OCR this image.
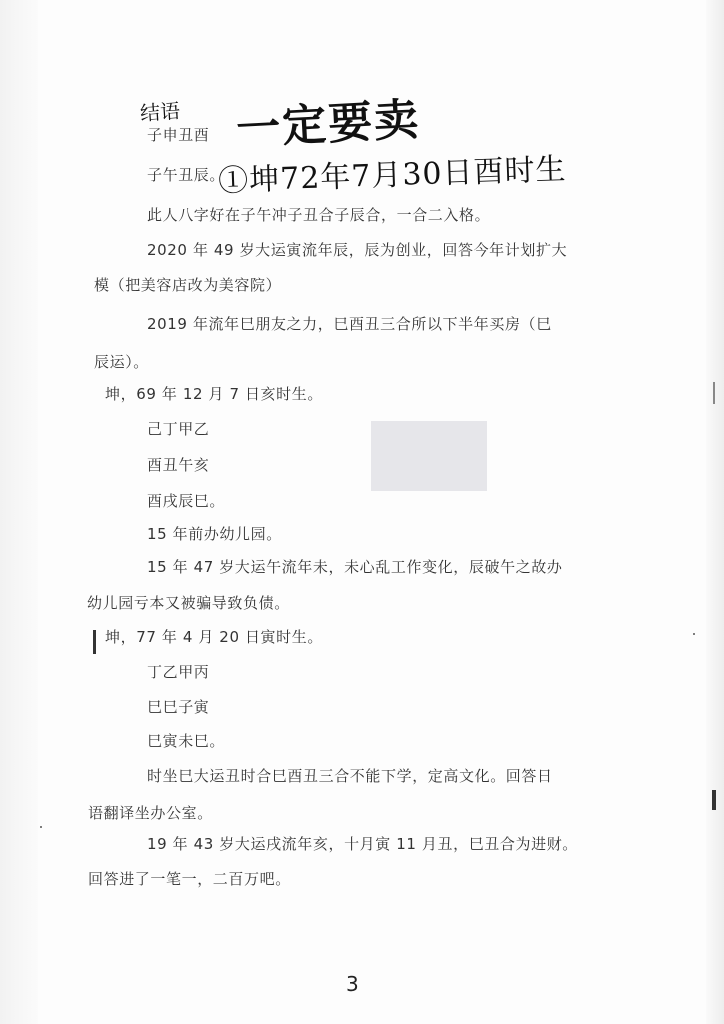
结语 一定要卖
①坤72年7月30日酉时生
子申丑酉
子午丑辰。
此人八字好在子午冲子丑合子辰合，一合二入格。
2020 年 49 岁大运寅流年辰，辰为创业，回答今年计划扩大
模（把美容店改为美容院）
2019 年流年巳朋友之力，巳酉丑三合所以下半年买房（巳
辰运）。
坤，69 年 12 月 7 日亥时生。
己丁甲乙
酉丑午亥
酉戌辰巳。
15 年前办幼儿园。
15 年 47 岁大运午流年未，未心乱工作变化，辰破午之故办
幼儿园亏本又被骗导致负债。
坤，77 年 4 月 20 日寅时生。
丁乙甲丙
巳巳子寅
巳寅未巳。
时坐巳大运丑时合巳酉丑三合不能下学，定高文化。回答日
语翻译坐办公室。
19 年 43 岁大运戌流年亥，十月寅 11 月丑，巳丑合为进财。
回答进了一笔一，二百万吧。
3
